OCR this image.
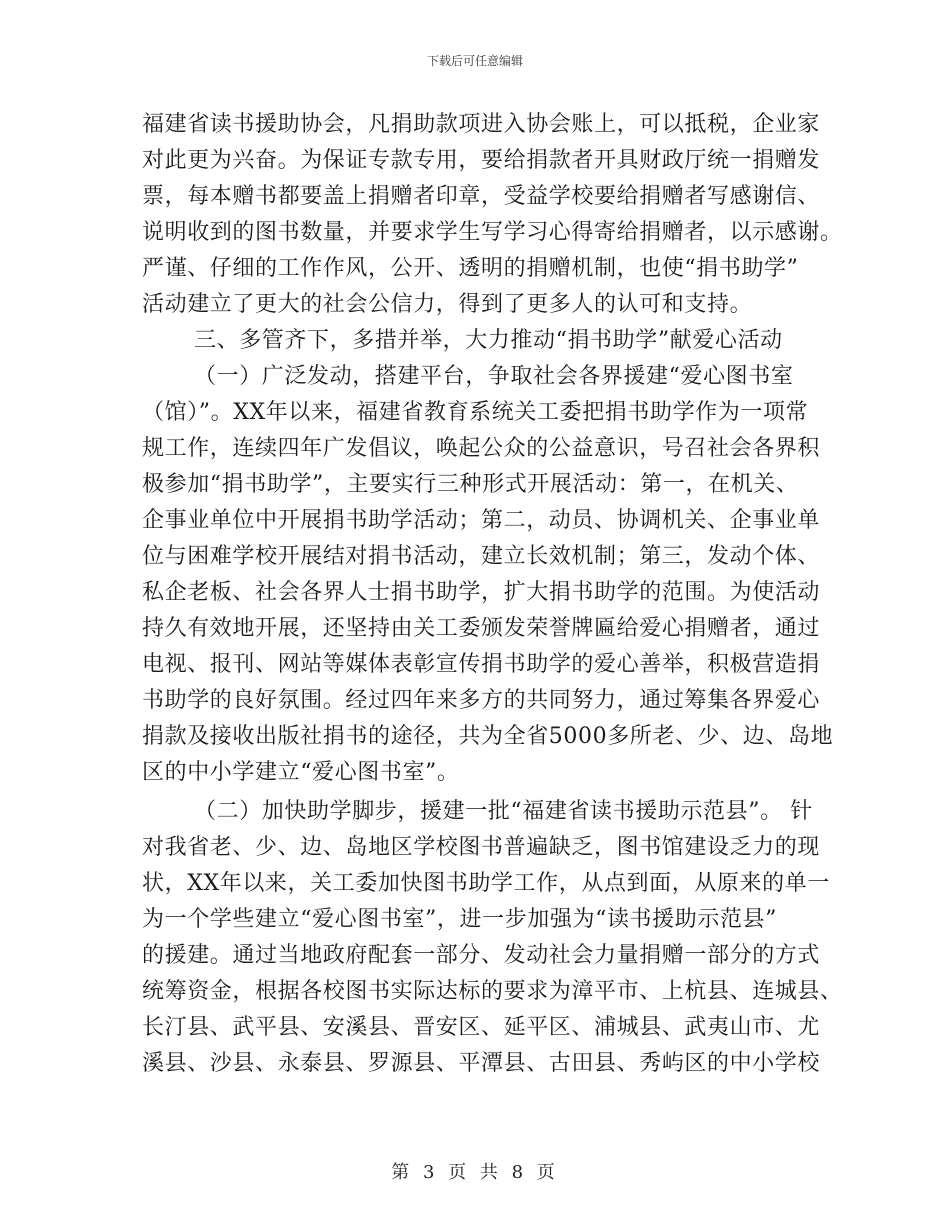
下载后可任意编辑
福建省读书援助协会，凡捐助款项进入协会账上，可以抵税，企业家
对此更为兴奋。为保证专款专用，要给捐款者开具财政厅统一捐赠发
票，每本赠书都要盖上捐赠者印章，受益学校要给捐赠者写感谢信、
说明收到的图书数量，并要求学生写学习心得寄给捐赠者，以示感谢。
严谨、仔细的工作作风，公开、透明的捐赠机制，也使“捐书助学”
活动建立了更大的社会公信力，得到了更多人的认可和支持。
三、多管齐下，多措并举，大力推动“捐书助学”献爱心活动
（一）广泛发动，搭建平台，争取社会各界援建“爱心图书室
（馆）”。XX年以来，福建省教育系统关工委把捐书助学作为一项常
规工作，连续四年广发倡议，唤起公众的公益意识，号召社会各界积
极参加“捐书助学”，主要实行三种形式开展活动：第一，在机关、
企事业单位中开展捐书助学活动；第二，动员、协调机关、企事业单
位与困难学校开展结对捐书活动，建立长效机制；第三，发动个体、
私企老板、社会各界人士捐书助学，扩大捐书助学的范围。为使活动
持久有效地开展，还坚持由关工委颁发荣誉牌匾给爱心捐赠者，通过
电视、报刊、网站等媒体表彰宣传捐书助学的爱心善举，积极营造捐
书助学的良好氛围。经过四年来多方的共同努力，通过筹集各界爱心
捐款及接收出版社捐书的途径，共为全省5000多所老、少、边、岛地
区的中小学建立“爱心图书室”。
（二）加快助学脚步，援建一批“福建省读书援助示范县”。 针
对我省老、少、边、岛地区学校图书普遍缺乏，图书馆建设乏力的现
状，XX年以来，关工委加快图书助学工作，从点到面，从原来的单一
为一个学些建立“爱心图书室”，进一步加强为“读书援助示范县”
的援建。通过当地政府配套一部分、发动社会力量捐赠一部分的方式
统筹资金，根据各校图书实际达标的要求为漳平市、上杭县、连城县、
长汀县、武平县、安溪县、晋安区、延平区、浦城县、武夷山市、尤
溪县、沙县、永泰县、罗源县、平潭县、古田县、秀屿区的中小学校
第 3 页 共 8 页
